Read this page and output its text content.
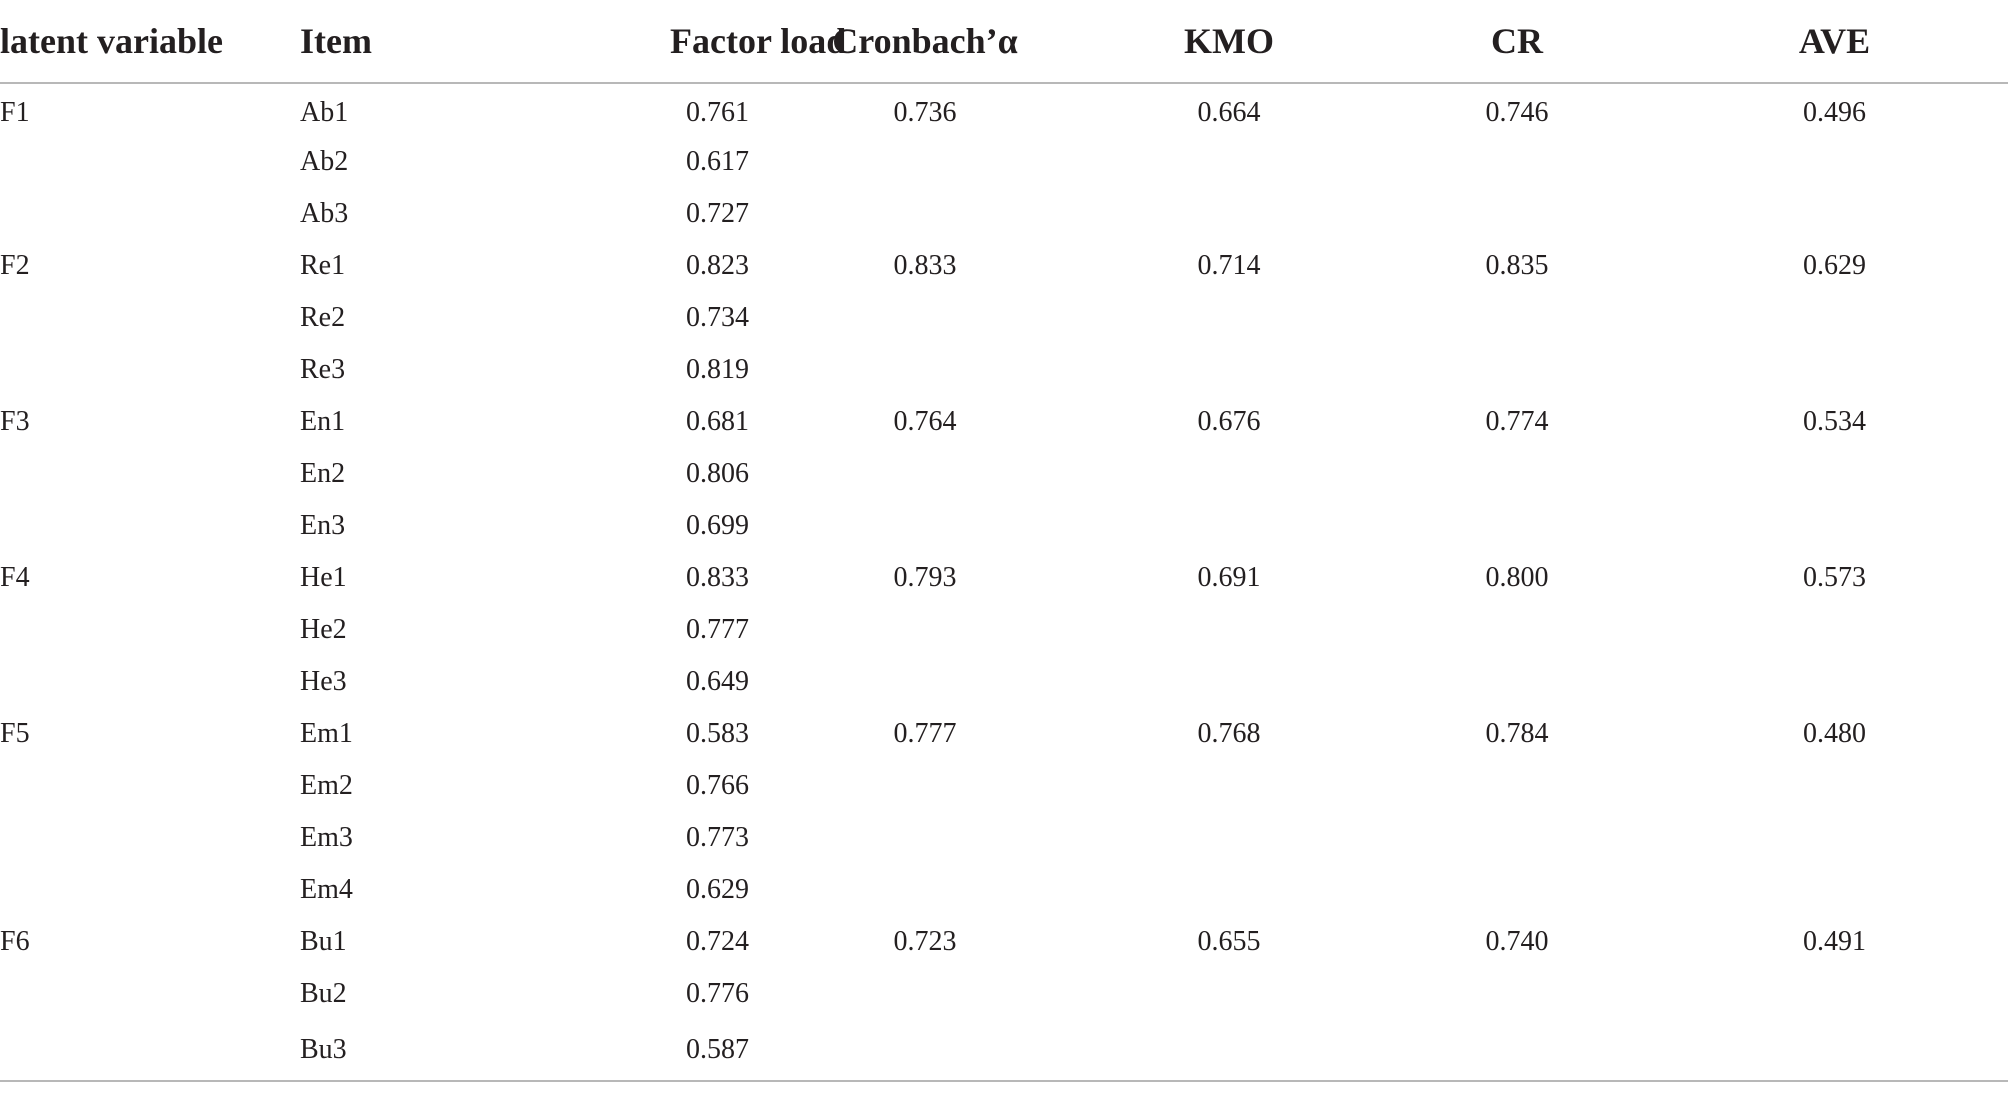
latent variable	Item	Factor load	Cronbach’α	KMO	CR	AVE
F1	Ab1	0.761	0.736	0.664	0.746	0.496
	Ab2	0.617				
	Ab3	0.727				
F2	Re1	0.823	0.833	0.714	0.835	0.629
	Re2	0.734				
	Re3	0.819				
F3	En1	0.681	0.764	0.676	0.774	0.534
	En2	0.806				
	En3	0.699				
F4	He1	0.833	0.793	0.691	0.800	0.573
	He2	0.777				
	He3	0.649				
F5	Em1	0.583	0.777	0.768	0.784	0.480
	Em2	0.766				
	Em3	0.773				
	Em4	0.629				
F6	Bu1	0.724	0.723	0.655	0.740	0.491
	Bu2	0.776				
	Bu3	0.587				
